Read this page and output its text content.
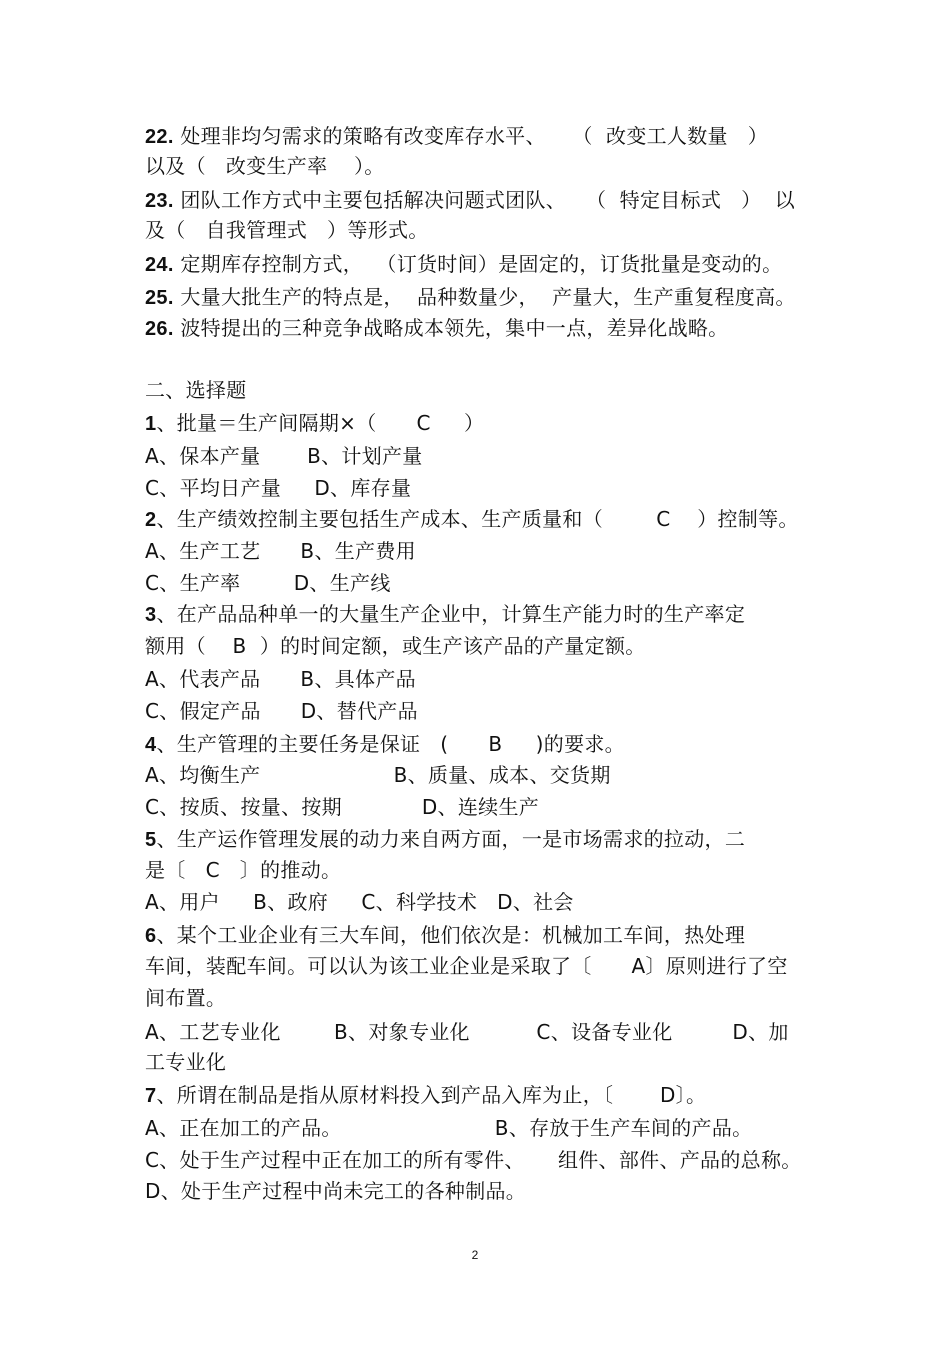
22. 处理非均匀需求的策略有改变库存水平、    （  改变工人数量   ）
以及（   改变生产率    ）。
23. 团队工作方式中主要包括解决问题式团队、   （  特定目标式   ）  以
及（   自我管理式   ）等形式。
24. 定期库存控制方式，  （订货时间）是固定的，订货批量是变动的。
25. 大量大批生产的特点是，  品种数量少，  产量大，生产重复程度高。
26. 波特提出的三种竞争战略成本领先，集中一点，差异化战略。
二、选择题
1、批量＝生产间隔期×（      C     ）
A、保本产量       B、计划产量
C、平均日产量     D、库存量
2、生产绩效控制主要包括生产成本、生产质量和（        C    ）控制等。
A、生产工艺      B、生产费用
C、生产率        D、生产线
3、在产品品种单一的大量生产企业中，计算生产能力时的生产率定
额用（    B  ）的时间定额，或生产该产品的产量定额。
A、代表产品      B、具体产品
C、假定产品      D、替代产品
4、生产管理的主要任务是保证   (      B     )的要求。
A、均衡生产                    B、质量、成本、交货期
C、按质、按量、按期            D、连续生产
5、生产运作管理发展的动力来自两方面，一是市场需求的拉动，二
是〔   C   〕的推动。
A、用户     B、政府     C、科学技术   D、社会
6、某个工业企业有三大车间，他们依次是：机械加工车间，热处理
车间，装配车间。可以认为该工业企业是采取了〔      A〕原则进行了空
间布置。
A、工艺专业化        B、对象专业化          C、设备专业化         D、加
工专业化
7、所谓在制品是指从原材料投入到产品入库为止，〔       D〕。
A、正在加工的产品。                       B、存放于生产车间的产品。
C、处于生产过程中正在加工的所有零件、     组件、部件、产品的总称。
D、处于生产过程中尚未完工的各种制品。
2
